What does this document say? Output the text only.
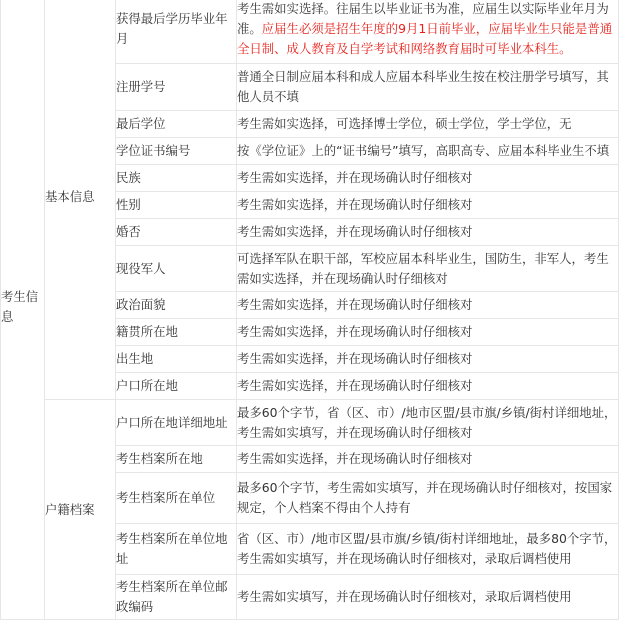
考生信息	基本信息	获得最后学历毕业年月	考生需如实选择。往届生以毕业证书为准，应届生以实际毕业年月为准。应届生必须是招生年度的9月1日前毕业，应届毕业生只能是普通全日制、成人教育及自学考试和网络教育届时可毕业本科生。
		注册学号	普通全日制应届本科和成人应届本科毕业生按在校注册学号填写，其他人员不填
		最后学位	考生需如实选择，可选择博士学位，硕士学位，学士学位，无
		学位证书编号	按《学位证》上的“证书编号”填写，高职高专、应届本科毕业生不填
		民族	考生需如实选择，并在现场确认时仔细核对
		性别	考生需如实选择，并在现场确认时仔细核对
		婚否	考生需如实选择，并在现场确认时仔细核对
		现役军人	可选择军队在职干部，军校应届本科毕业生，国防生，非军人，考生需如实选择，并在现场确认时仔细核对
		政治面貌	考生需如实选择，并在现场确认时仔细核对
		籍贯所在地	考生需如实选择，并在现场确认时仔细核对
		出生地	考生需如实选择，并在现场确认时仔细核对
		户口所在地	考生需如实选择，并在现场确认时仔细核对
	户籍档案	户口所在地详细地址	最多60个字节，省（区、市）/地市区盟/县市旗/乡镇/街村详细地址，考生需如实填写，并在现场确认时仔细核对
		考生档案所在地	考生需如实选择，并在现场确认时仔细核对
		考生档案所在单位	最多60个字节，考生需如实填写，并在现场确认时仔细核对，按国家规定，个人档案不得由个人持有
		考生档案所在单位地址	省（区、市）/地市区盟/县市旗/乡镇/街村详细地址，最多80个字节，考生需如实填写，并在现场确认时仔细核对，录取后调档使用
		考生档案所在单位邮政编码	考生需如实填写，并在现场确认时仔细核对，录取后调档使用
